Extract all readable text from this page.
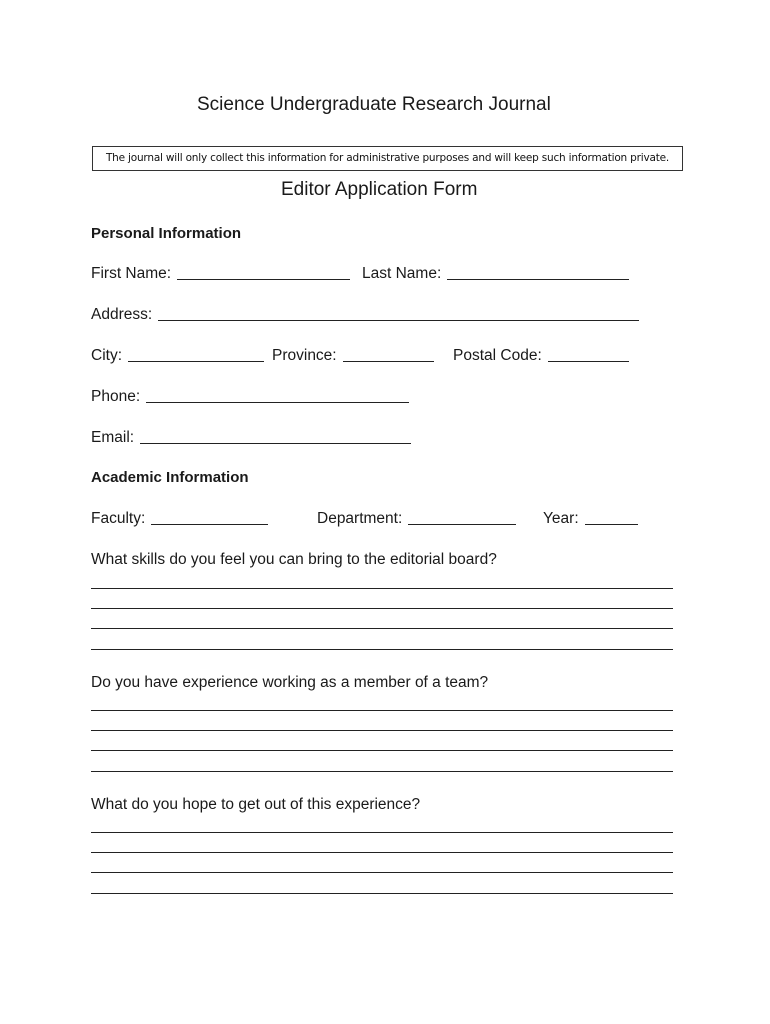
Science Undergraduate Research Journal
The journal will only collect this information for administrative purposes and will keep such information private.
Editor Application Form
Personal Information
First Name:	Last Name:
Address:
City:	Province:	Postal Code:
Phone:
Email:
Academic Information
Faculty:	Department:	Year:
What skills do you feel you can bring to the editorial board?
Do you have experience working as a member of a team?
What do you hope to get out of this experience?
